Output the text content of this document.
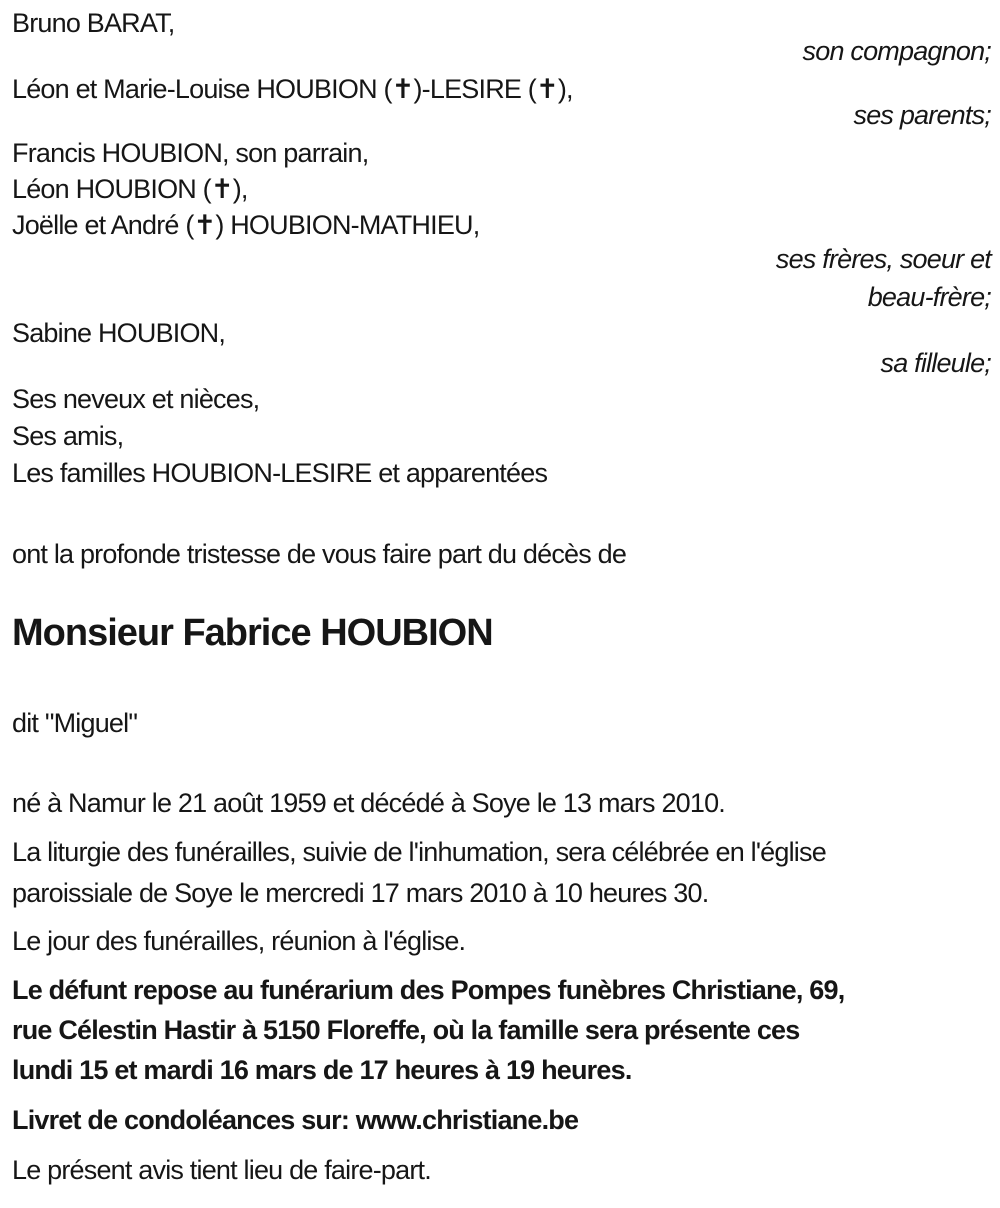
Bruno BARAT,
son compagnon;
Léon et Marie-Louise HOUBION (✝)-LESIRE (✝),
ses parents;
Francis HOUBION, son parrain,
Léon HOUBION (✝),
Joëlle et André (✝) HOUBION-MATHIEU,
ses frères, soeur et
beau-frère;
Sabine HOUBION,
sa filleule;
Ses neveux et nièces,
Ses amis,
Les familles HOUBION-LESIRE et apparentées
ont la profonde tristesse de vous faire part du décès de
Monsieur Fabrice HOUBION
dit "Miguel"
né à Namur le 21 août 1959 et décédé à Soye le 13 mars 2010.
La liturgie des funérailles, suivie de l'inhumation, sera célébrée en l'église
paroissiale de Soye le mercredi 17 mars 2010 à 10 heures 30.
Le jour des funérailles, réunion à l'église.
Le défunt repose au funérarium des Pompes funèbres Christiane, 69,
rue Célestin Hastir à 5150 Floreffe, où la famille sera présente ces
lundi 15 et mardi 16 mars de 17 heures à 19 heures.
Livret de condoléances sur: www.christiane.be
Le présent avis tient lieu de faire-part.
